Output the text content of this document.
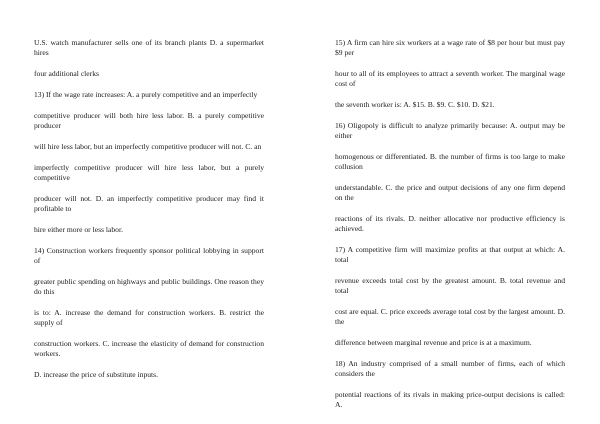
U.S. watch manufacturer sells one of its branch plants D. a supermarket hires

four additional clerks

13) If the wage rate increases: A. a purely competitive and an imperfectly

competitive producer will both hire less labor. B. a purely competitive producer

will hire less labor, but an imperfectly competitive producer will not. C. an

imperfectly competitive producer will hire less labor, but a purely competitive

producer will not. D. an imperfectly competitive producer may find it profitable to

hire either more or less labor.

14) Construction workers frequently sponsor political lobbying in support of

greater public spending on highways and public buildings. One reason they do this

is to: A. increase the demand for construction workers. B. restrict the supply of

construction workers. C. increase the elasticity of demand for construction workers.

D. increase the price of substitute inputs.

15) A firm can hire six workers at a wage rate of $8 per hour but must pay $9 per

hour to all of its employees to attract a seventh worker. The marginal wage cost of

the seventh worker is: A. $15. B. $9. C. $10. D. $21.

16) Oligopoly is difficult to analyze primarily because: A. output may be either

homogenous or differentiated. B. the number of firms is too large to make collusion

understandable. C. the price and output decisions of any one firm depend on the

reactions of its rivals. D. neither allocative nor productive efficiency is achieved.

17) A competitive firm will maximize profits at that output at which: A. total

revenue exceeds total cost by the greatest amount. B. total revenue and total

cost are equal. C. price exceeds average total cost by the largest amount. D. the

difference between marginal revenue and price is at a maximum.

18) An industry comprised of a small number of firms, each of which considers the

potential reactions of its rivals in making price-output decisions is called: A.
